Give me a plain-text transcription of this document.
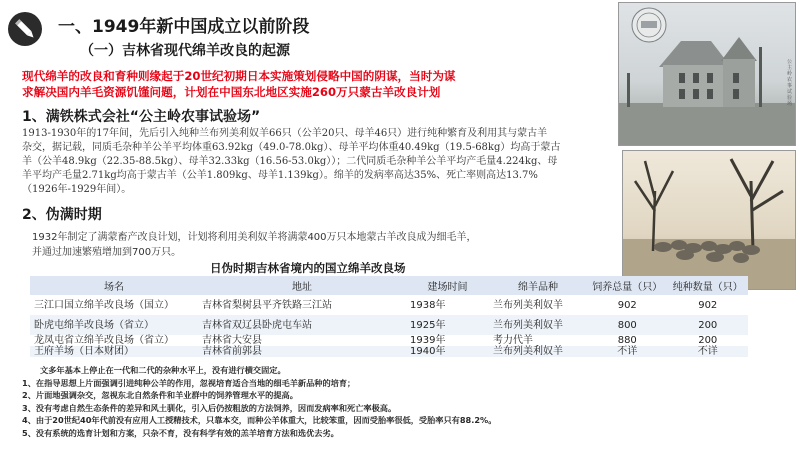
一、1949年新中国成立以前阶段
（一）吉林省现代绵羊改良的起源
现代绵羊的改良和育种则缘起于20世纪初期日本实施策划侵略中国的阴谋，当时为谋
求解决国内羊毛资源饥馑问题，计划在中国东北地区实施260万只蒙古羊改良计划
1、满铁株式会社“公主岭农事试验场”
1913-1930年的17年间，先后引入纯种兰布列美利奴羊66只（公羊20只、母羊46只）进行纯种繁育及利用其与蒙古羊
杂交，据记载，同质毛杂种羊公羊平均体重63.92kg（49.0-78.0kg）、母羊平均体重40.49kg（19.5-68kg）均高于蒙古
羊（公羊48.9kg（22.35-88.5kg）、母羊32.33kg（16.56-53.0kg））；二代同质毛杂种羊公羊平均产毛量4.224kg、母
羊平均产毛量2.71kg均高于蒙古羊（公羊1.809kg、母羊1.139kg）。绵羊的发病率高达35%、死亡率则高达13.7%
（1926年-1929年间）。
2、伪满时期
1932年制定了满蒙畜产改良计划，计划将利用美利奴羊将满蒙400万只本地蒙古羊改良成为细毛羊，
并通过加速繁殖增加到700万只。
公主岭农事试验场
日伪时期吉林省境内的国立绵羊改良场
场名	地址	建场时间	绵羊品种	饲养总量（只）	纯种数量（只）
三江口国立绵羊改良场（国立）	吉林省梨树县平齐铁路三江站	1938年	兰布列美利奴羊	902	902
卧虎屯绵羊改良场（省立）	吉林省双辽县卧虎屯车站	1925年	兰布列美利奴羊	800	200
龙凤屯省立绵羊改良场（省立）	吉林省大安县	1939年	考力代羊	880	200
王府羊场（日本财团）	吉林省前郭县	1940年	兰布列美利奴羊	不详	不详
文多年基本上停止在一代和二代的杂种水平上，没有进行横交固定。
1、在指导思想上片面强调引进纯种公羊的作用，忽视培育适合当地的细毛羊新品种的培育；
2、片面地强调杂交，忽视东北自然条件和羊业群中的饲养管理水平的提高。
3、没有考虑自然生态条件的差异和风土驯化，引入后仍按粗放的方法饲养，因而发病率和死亡率极高。
4、由于20世纪40年代前没有应用人工授精技术，只靠本交，而种公羊体重大，比较笨重，因而受胎率很低，受胎率只有88.2%。
5、没有系统的选育计划和方案，只杂不育，没有科学有效的羔羊培育方法和选优去劣。
